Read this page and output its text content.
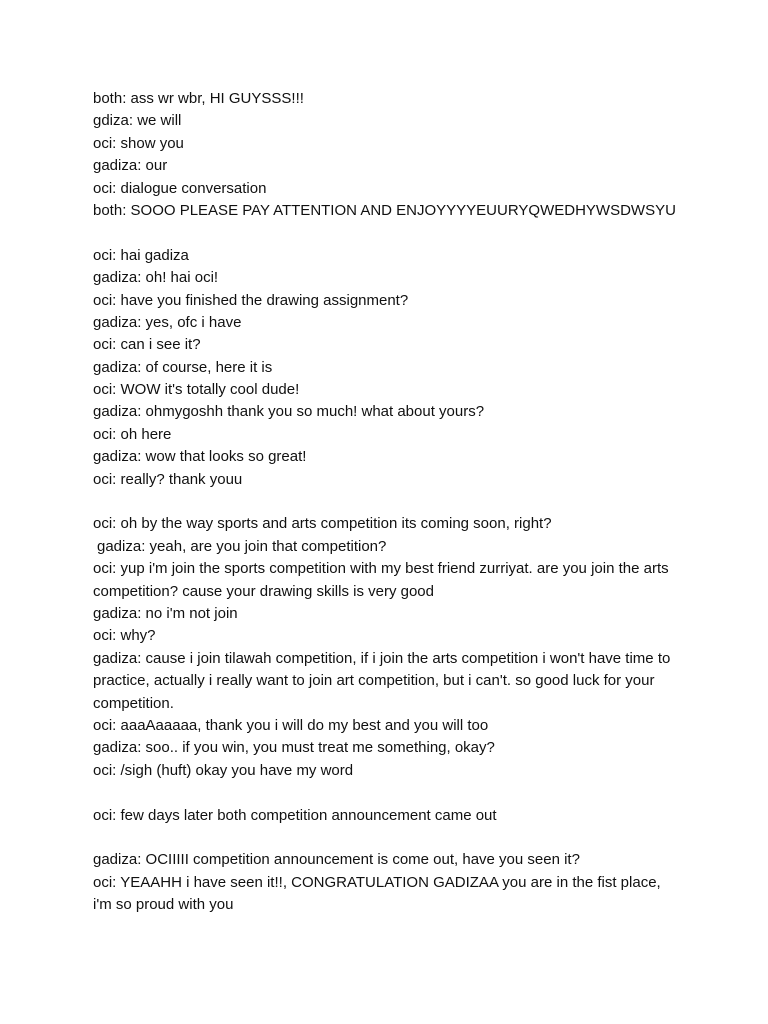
both: ass wr wbr, HI GUYSSS!!!
gdiza: we will
oci: show you
gadiza: our
oci: dialogue conversation
both: SOOO PLEASE PAY ATTENTION AND ENJOYYYYEUURYQWEDHYWSDWSYU
oci: hai gadiza
gadiza: oh! hai oci!
oci: have you finished the drawing assignment?
gadiza: yes, ofc i have
oci: can i see it?
gadiza: of course, here it is
oci: WOW it's totally cool dude!
gadiza: ohmygoshh thank you so much! what about yours?
oci: oh here
gadiza: wow that looks so great!
oci: really? thank youu
oci: oh by the way sports and arts competition its coming soon, right?
gadiza: yeah, are you join that competition?
oci: yup i'm join the sports competition with my best friend zurriyat. are you join the arts competition? cause your drawing skills is very good
gadiza: no i'm not join
oci: why?
gadiza: cause i join tilawah competition, if i join the arts competition i won't have time to practice, actually i really want to join art competition, but i can't. so good luck for your competition.
oci: aaaAaaaaa, thank you i will do my best and you will too
gadiza: soo.. if you win, you must treat me something, okay?
oci: /sigh (huft) okay you have my word
oci: few days later both competition announcement came out
gadiza: OCIIIII competition announcement is come out, have you seen it?
oci: YEAAHH i have seen it!!, CONGRATULATION GADIZAA you are in the fist place, i'm so proud with you
